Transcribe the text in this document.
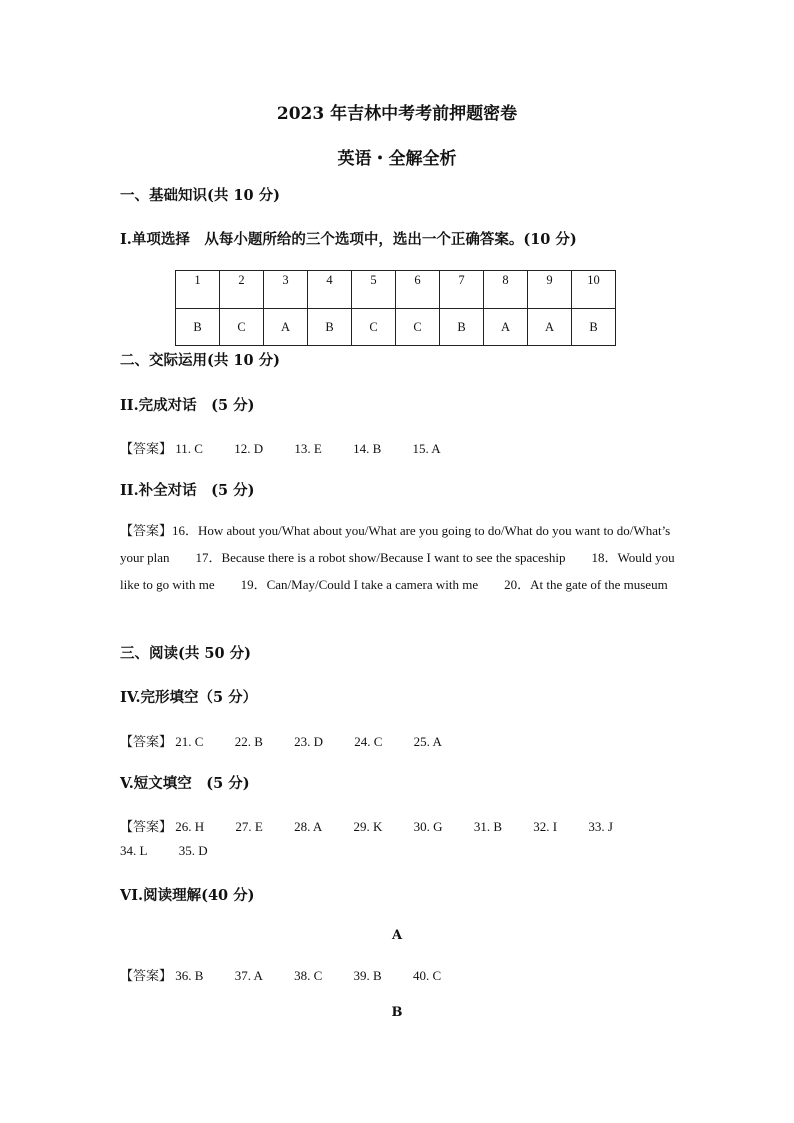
2023 年吉林中考考前押题密卷
英语・全解全析
一、基础知识(共 10 分)
I.单项选择　从每小题所给的三个选项中，选出一个正确答案。(10 分)
1	2	3	4	5	6	7	8	9	10
B	C	A	B	C	C	B	A	A	B
二、交际运用(共 10 分)
II.完成对话　(5 分)
【答案】 11. C 12. D 13. E 14. B 15. A
II.补全对话　(5 分)
【答案】16．How about you/What about you/What are you going to do/What do you want to do/What’s your plan　　17．Because there is a robot show/Because I want to see the spaceship　　18．Would you like to go with me　　19．Can/May/Could I take a camera with me　　20．At the gate of the museum
三、阅读(共 50 分)
IV.完形填空（5 分）
【答案】 21. C 22. B 23. D 24. C 25. A
V.短文填空　(5 分)
【答案】 26. H 27. E 28. A 29. K 30. G 31. B 32. I 33. J
34. L 35. D
VI.阅读理解(40 分)
A
【答案】 36. B 37. A 38. C 39. B 40. C
B
